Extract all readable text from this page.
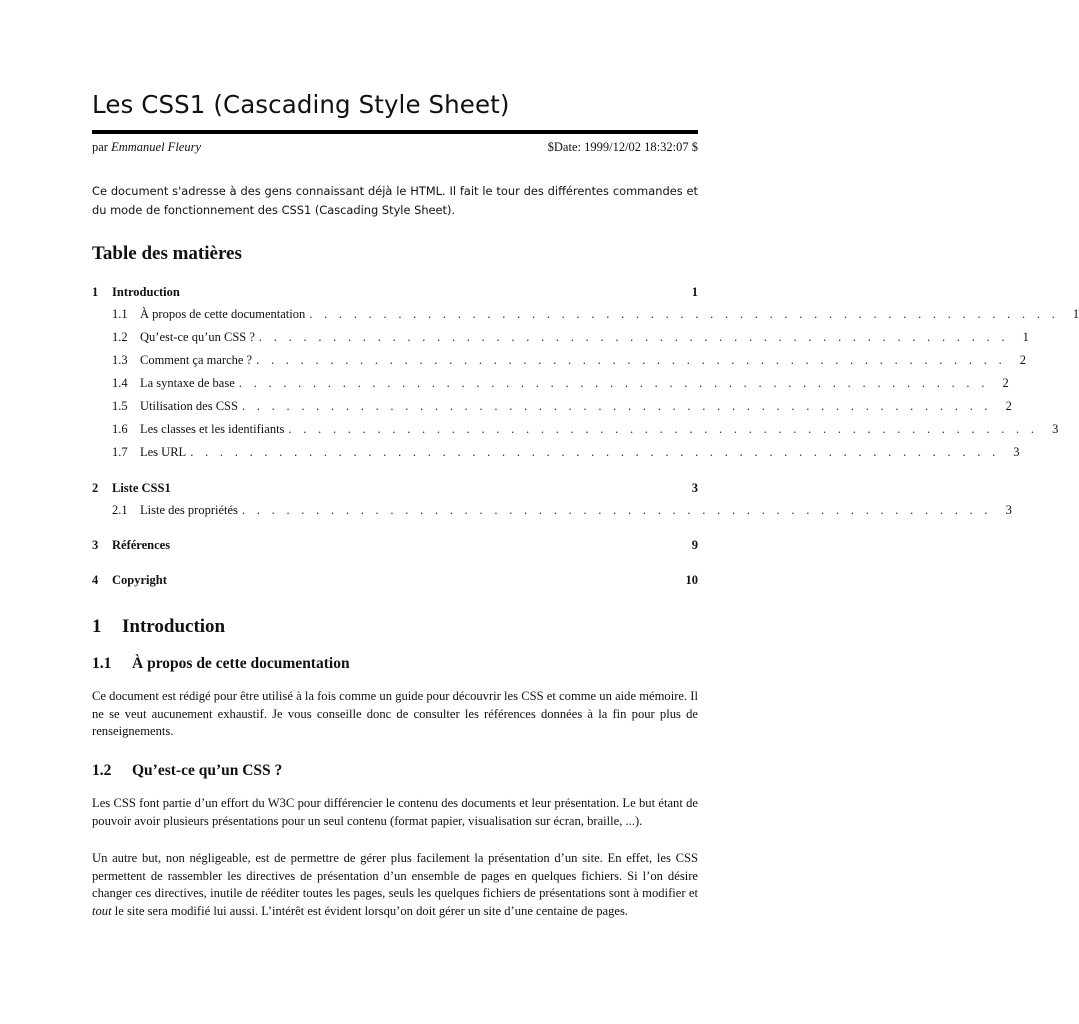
Les CSS1 (Cascading Style Sheet)
par Emmanuel Fleury	$Date: 1999/12/02 18:32:07 $
Ce document s'adresse à des gens connaissant déjà le HTML. Il fait le tour des différentes commandes et du mode de fonctionnement des CSS1 (Cascading Style Sheet).
Table des matières
1	Introduction	1
1.1 À propos de cette documentation . . . . . . . . . . . . . . . . . . . . . . . . . . . . . . . . . . . . . . . . . . . . . . . . . . .	1
1.2 Qu’est-ce qu’un CSS ? . . . . . . . . . . . . . . . . . . . . . . . . . . . . . . . . . . . . . . . . . . . . . . . . . . .	1
1.3 Comment ça marche ? . . . . . . . . . . . . . . . . . . . . . . . . . . . . . . . . . . . . . . . . . . . . . . . . . . .	2
1.4 La syntaxe de base . . . . . . . . . . . . . . . . . . . . . . . . . . . . . . . . . . . . . . . . . . . . . . . . . . .	2
1.5 Utilisation des CSS . . . . . . . . . . . . . . . . . . . . . . . . . . . . . . . . . . . . . . . . . . . . . . . . . . .	2
1.6 Les classes et les identifiants . . . . . . . . . . . . . . . . . . . . . . . . . . . . . . . . . . . . . . . . . . . . . . . . . . .	3
1.7 Les URL . . . . . . . . . . . . . . . . . . . . . . . . . . . . . . . . . . . . . . . . . . . . . . . . . . . . . . .	3
2	Liste CSS1	3
2.1 Liste des propriétés . . . . . . . . . . . . . . . . . . . . . . . . . . . . . . . . . . . . . . . . . . . . . . . . . . .	3
3	Références	9
4	Copyright	10
1 Introduction
1.1 À propos de cette documentation
Ce document est rédigé pour être utilisé à la fois comme un guide pour découvrir les CSS et comme un aide mémoire. Il ne se veut aucunement exhaustif. Je vous conseille donc de consulter les références données à la fin pour plus de renseignements.
1.2 Qu’est-ce qu’un CSS ?
Les CSS font partie d’un effort du W3C pour différencier le contenu des documents et leur présentation. Le but étant de pouvoir avoir plusieurs présentations pour un seul contenu (format papier, visualisation sur écran, braille, ...).
Un autre but, non négligeable, est de permettre de gérer plus facilement la présentation d’un site. En effet, les CSS permettent de rassembler les directives de présentation d’un ensemble de pages en quelques fichiers. Si l’on désire changer ces directives, inutile de rééditer toutes les pages, seuls les quelques fichiers de présentations sont à modifier et tout le site sera modifié lui aussi. L’intérêt est évident lorsqu’on doit gérer un site d’une centaine de pages.
